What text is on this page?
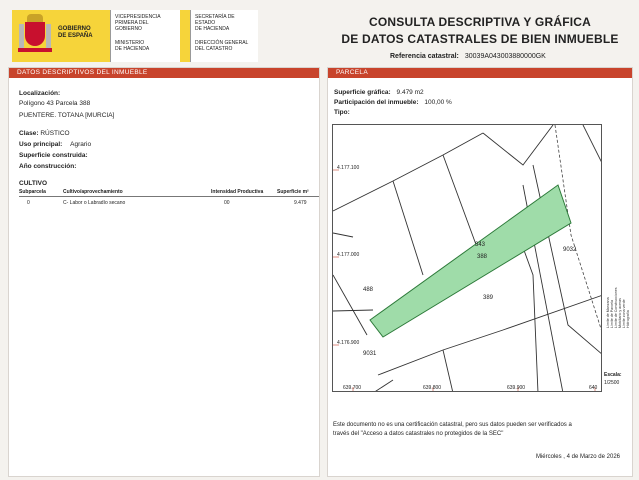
GOBIERNO DE ESPAÑA
VICEPRESIDENCIA
PRIMERA DEL GOBIERNO
MINISTERIO
DE HACIENDA
SECRETARÍA DE ESTADO
DE HACIENDA
DIRECCIÓN GENERAL
DEL CATASTRO
CONSULTA DESCRIPTIVA Y GRÁFICA
DE DATOS CATASTRALES DE BIEN INMUEBLE
Referencia catastral: 30039A043003880000GK
DATOS DESCRIPTIVOS DEL INMUEBLE
Localización:
Polígono 43 Parcela 388
PUENTERE. TOTANA [MURCIA]
Clase: RÚSTICO
Uso principal: Agrario
Superficie construida:
Año construcción:
CULTIVO
Subparcela	Cultivo/aprovechamiento	Intensidad Productiva	Superficie m²
0	C- Labor o Labradío secano	00	9.479
PARCELA
Superficie gráfica: 9.479 m2
Participación del inmueble: 100,00 %
Tipo:
4.177.100
4.177.000
4.176.900
639.700	639.800	639.900	640
343
388
389
488
9031
9032
Límite de Manzana Límite de Parcela Límite de Construcciones Mobiliario y aceras Límite zona verde Hidrografía
Escala:
1/2500
Este documento no es una certificación catastral, pero sus datos pueden ser verificados a
través del "Acceso a datos catastrales no protegidos de la SEC"
Miércoles , 4 de Marzo de 2026
